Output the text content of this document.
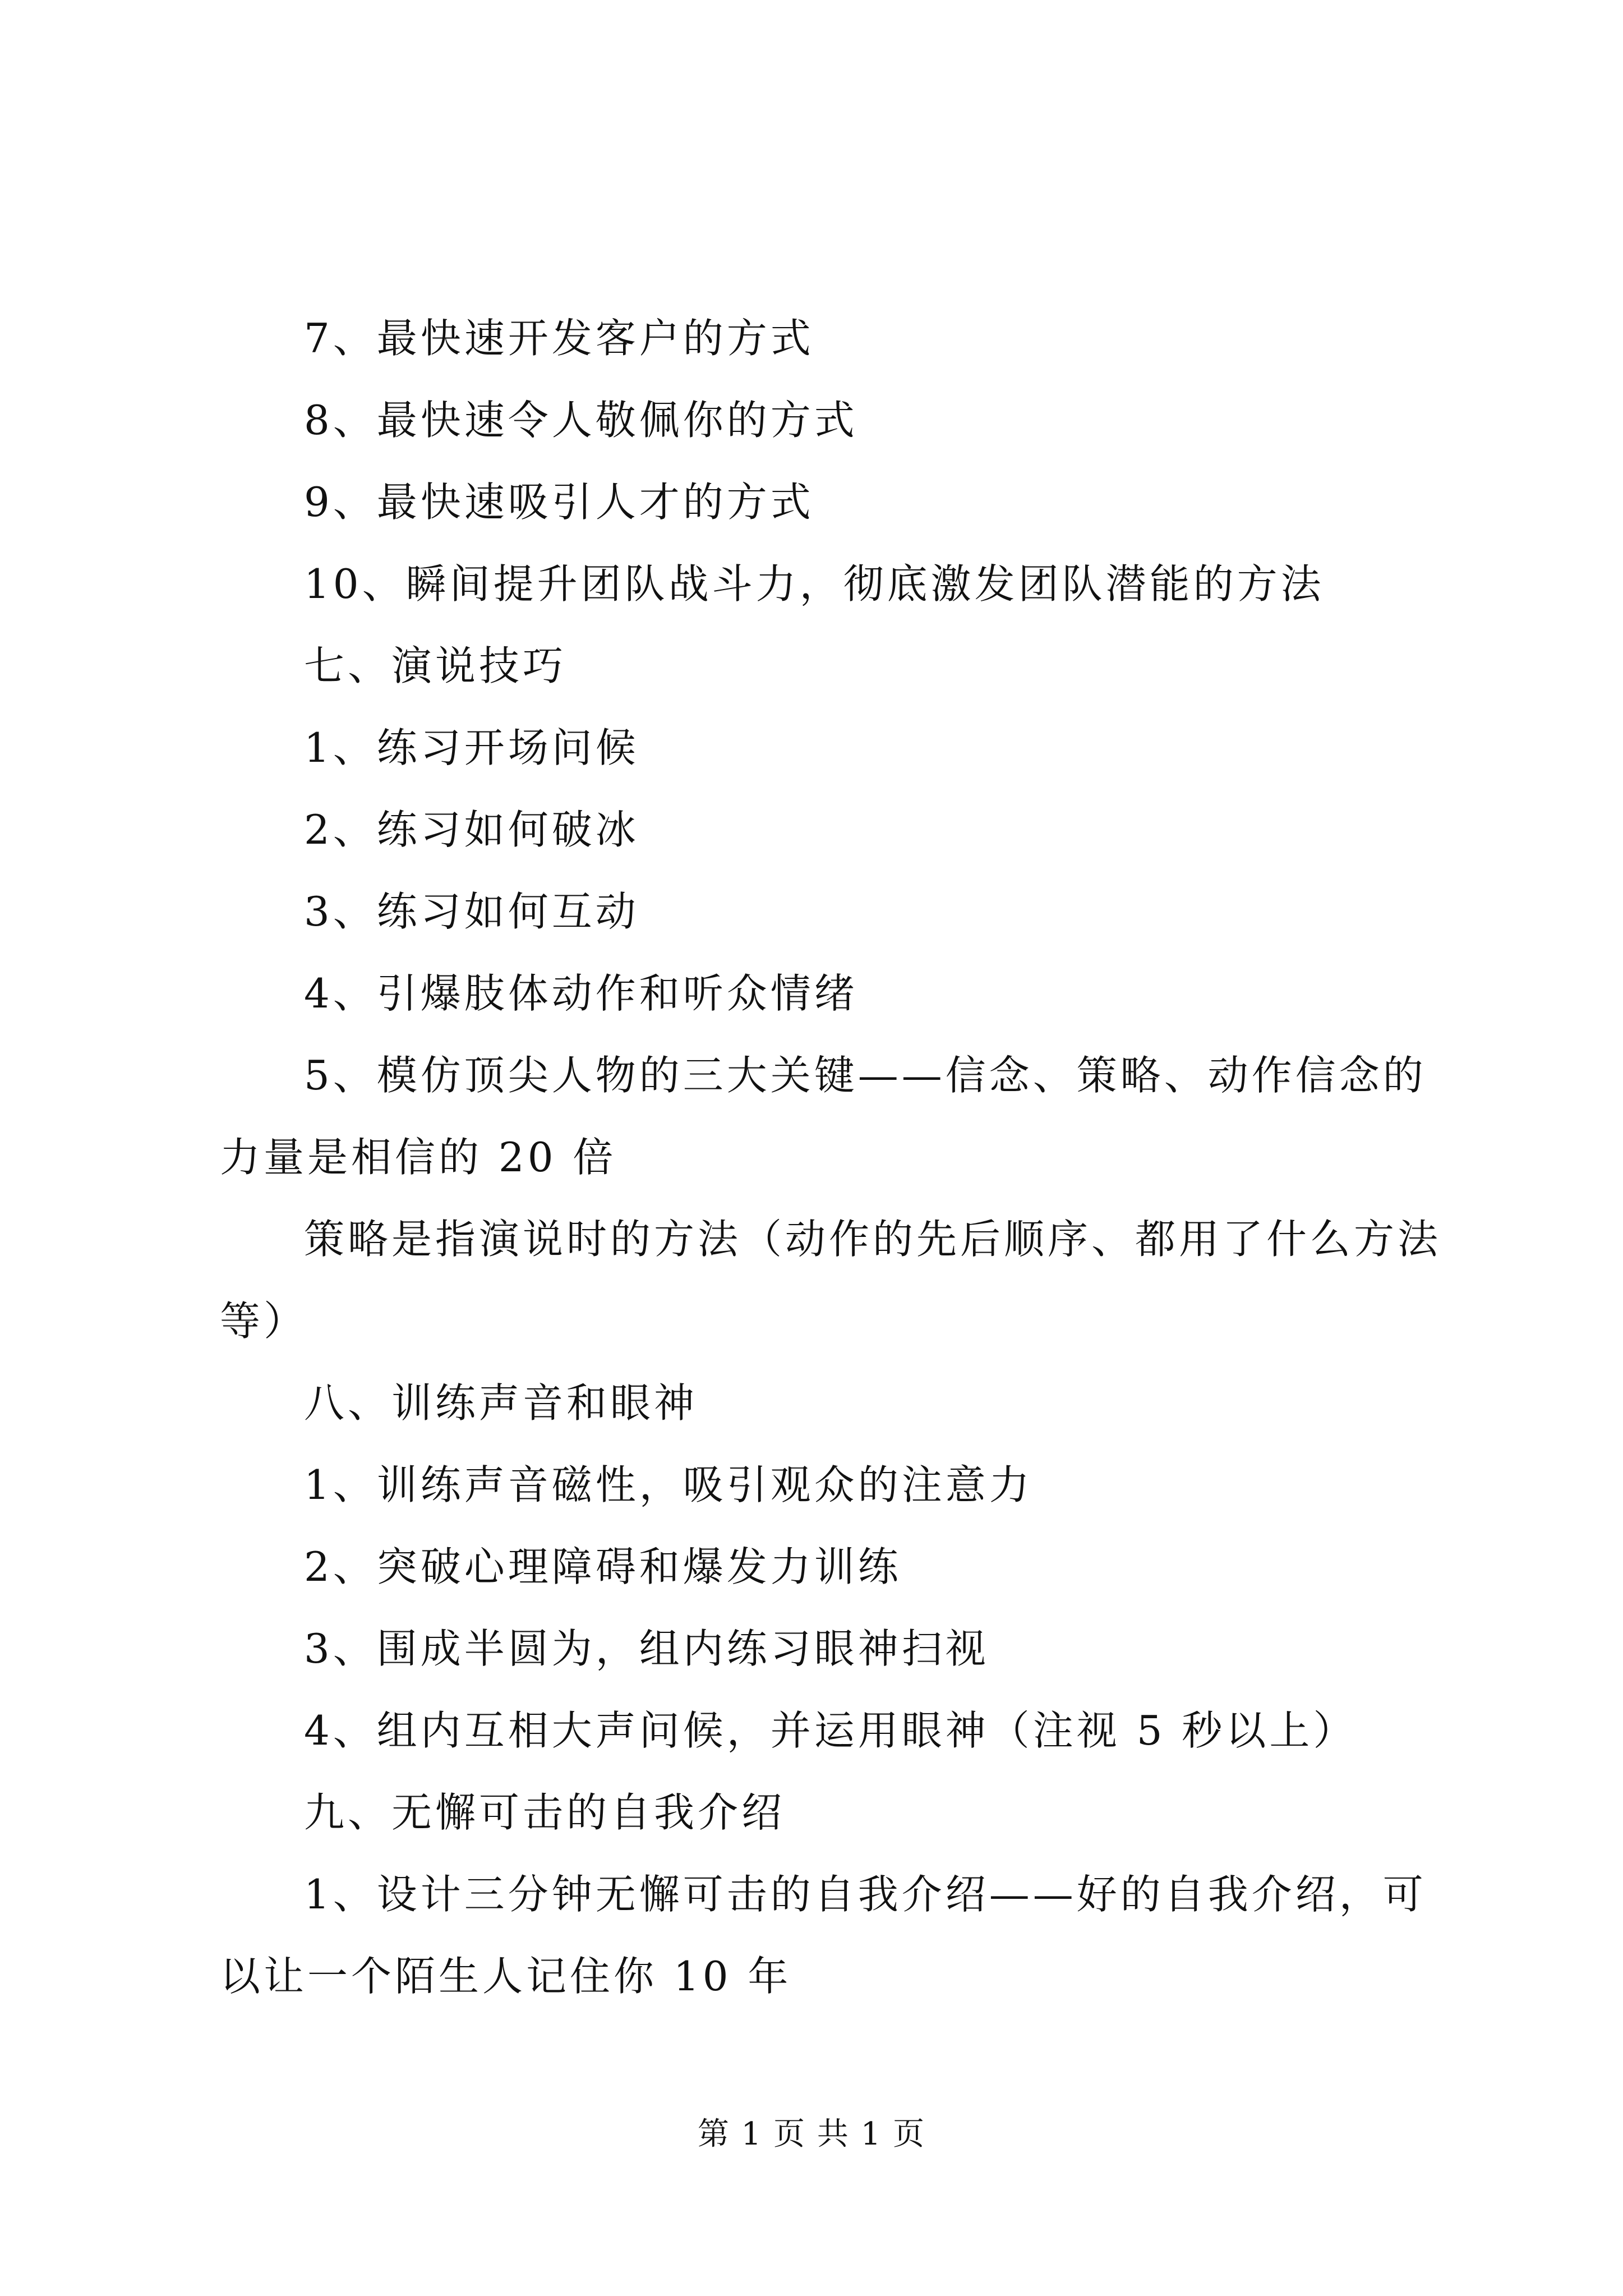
7、最快速开发客户的方式

8、最快速令人敬佩你的方式

9、最快速吸引人才的方式

10、瞬间提升团队战斗力，彻底激发团队潜能的方法

七、演说技巧

1、练习开场问候

2、练习如何破冰

3、练习如何互动

4、引爆肢体动作和听众情绪

5、模仿顶尖人物的三大关键——信念、策略、动作信念的
力量是相信的 20 倍
策略是指演说时的方法（动作的先后顺序、都用了什么方法
等）

八、训练声音和眼神

1、训练声音磁性，吸引观众的注意力

2、突破心理障碍和爆发力训练

3、围成半圆为，组内练习眼神扫视

4、组内互相大声问候，并运用眼神（注视 5 秒以上）

九、无懈可击的自我介绍

1、设计三分钟无懈可击的自我介绍——好的自我介绍，可
以让一个陌生人记住你 10 年
第 1 页 共 1 页
